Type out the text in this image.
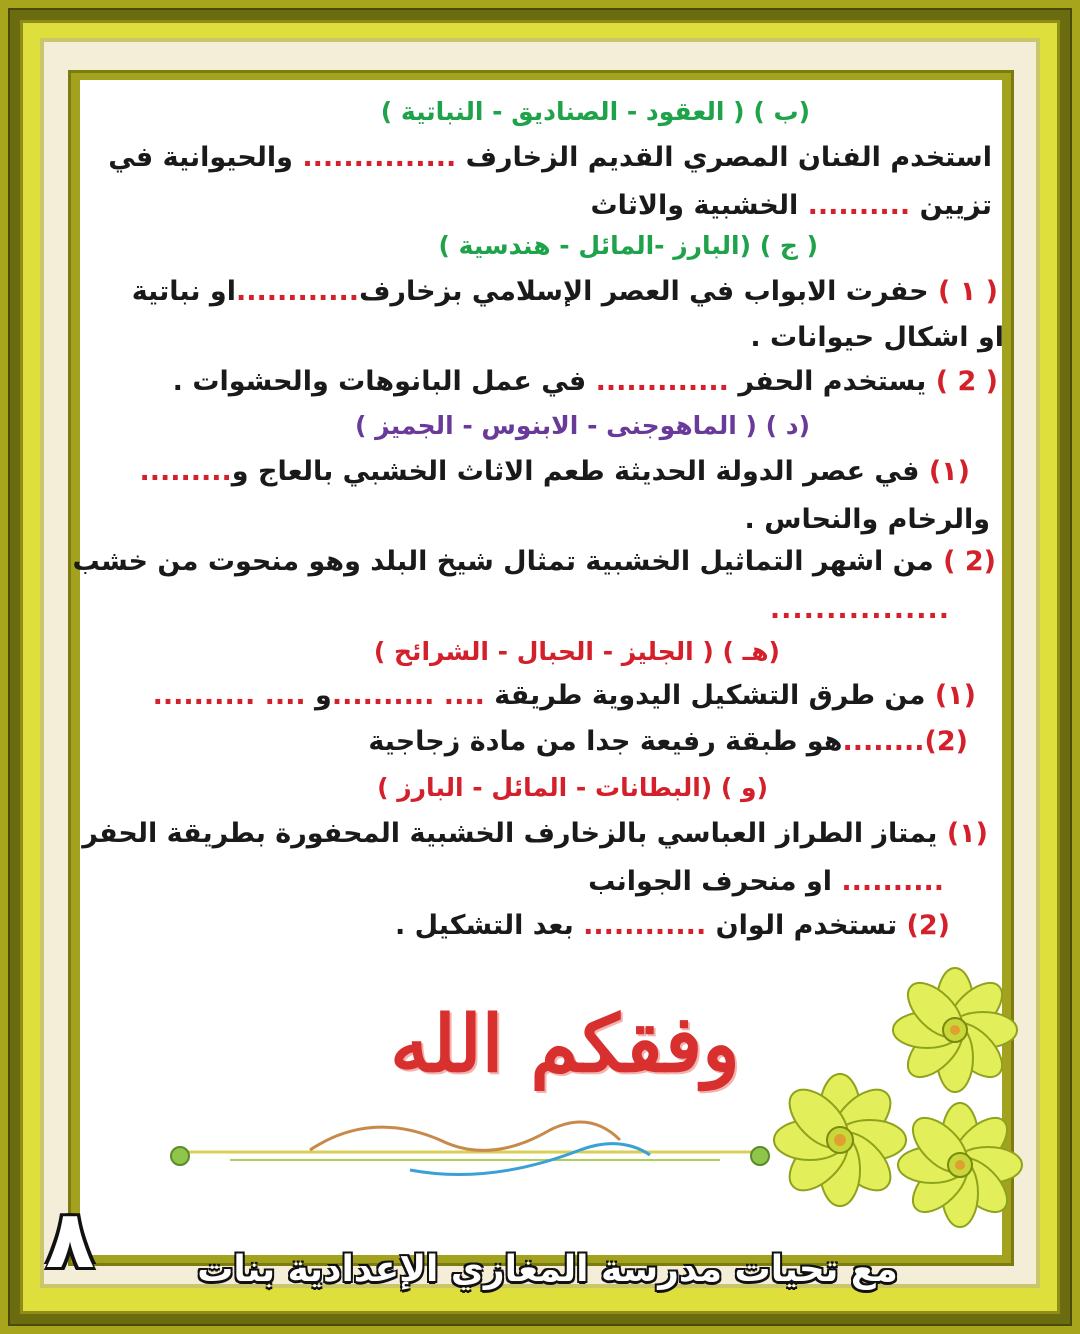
(ب ) ( العقود - الصناديق - النباتية )
استخدم الفنان المصري القديم الزخارف ............... والحيوانية في
تزيين .......... الخشبية والاثاث
( ج ) (البارز -المائل - هندسية )
( ١ ) حفرت الابواب في العصر الإسلامي بزخارف............او نباتية
او اشكال حيوانات .
( 2 ) يستخدم الحفر ............. في عمل البانوهات والحشوات .
(د ) ( الماهوجنى - الابنوس - الجميز )
(١) في عصر الدولة الحديثة طعم الاثاث الخشبي بالعاج و.........
والرخام والنحاس .
(2 ) من اشهر التماثيل الخشبية تمثال شيخ البلد وهو منحوت من خشب
................
(هـ ) ( الجليز - الحبال - الشرائح )
(١) من طرق التشكيل اليدوية طريقة .... ..........و .... ..........
(2)........هو طبقة رفيعة جدا من مادة زجاجية
(و ) (البطانات - المائل - البارز )
(١) يمتاز الطراز العباسي بالزخارف الخشبية المحفورة بطريقة الحفر
.......... او منحرف الجوانب
(2) تستخدم الوان ............ بعد التشكيل .
وفقكم الله
مع تحيات مدرسة المغازي الإعدادية بنات
٨
